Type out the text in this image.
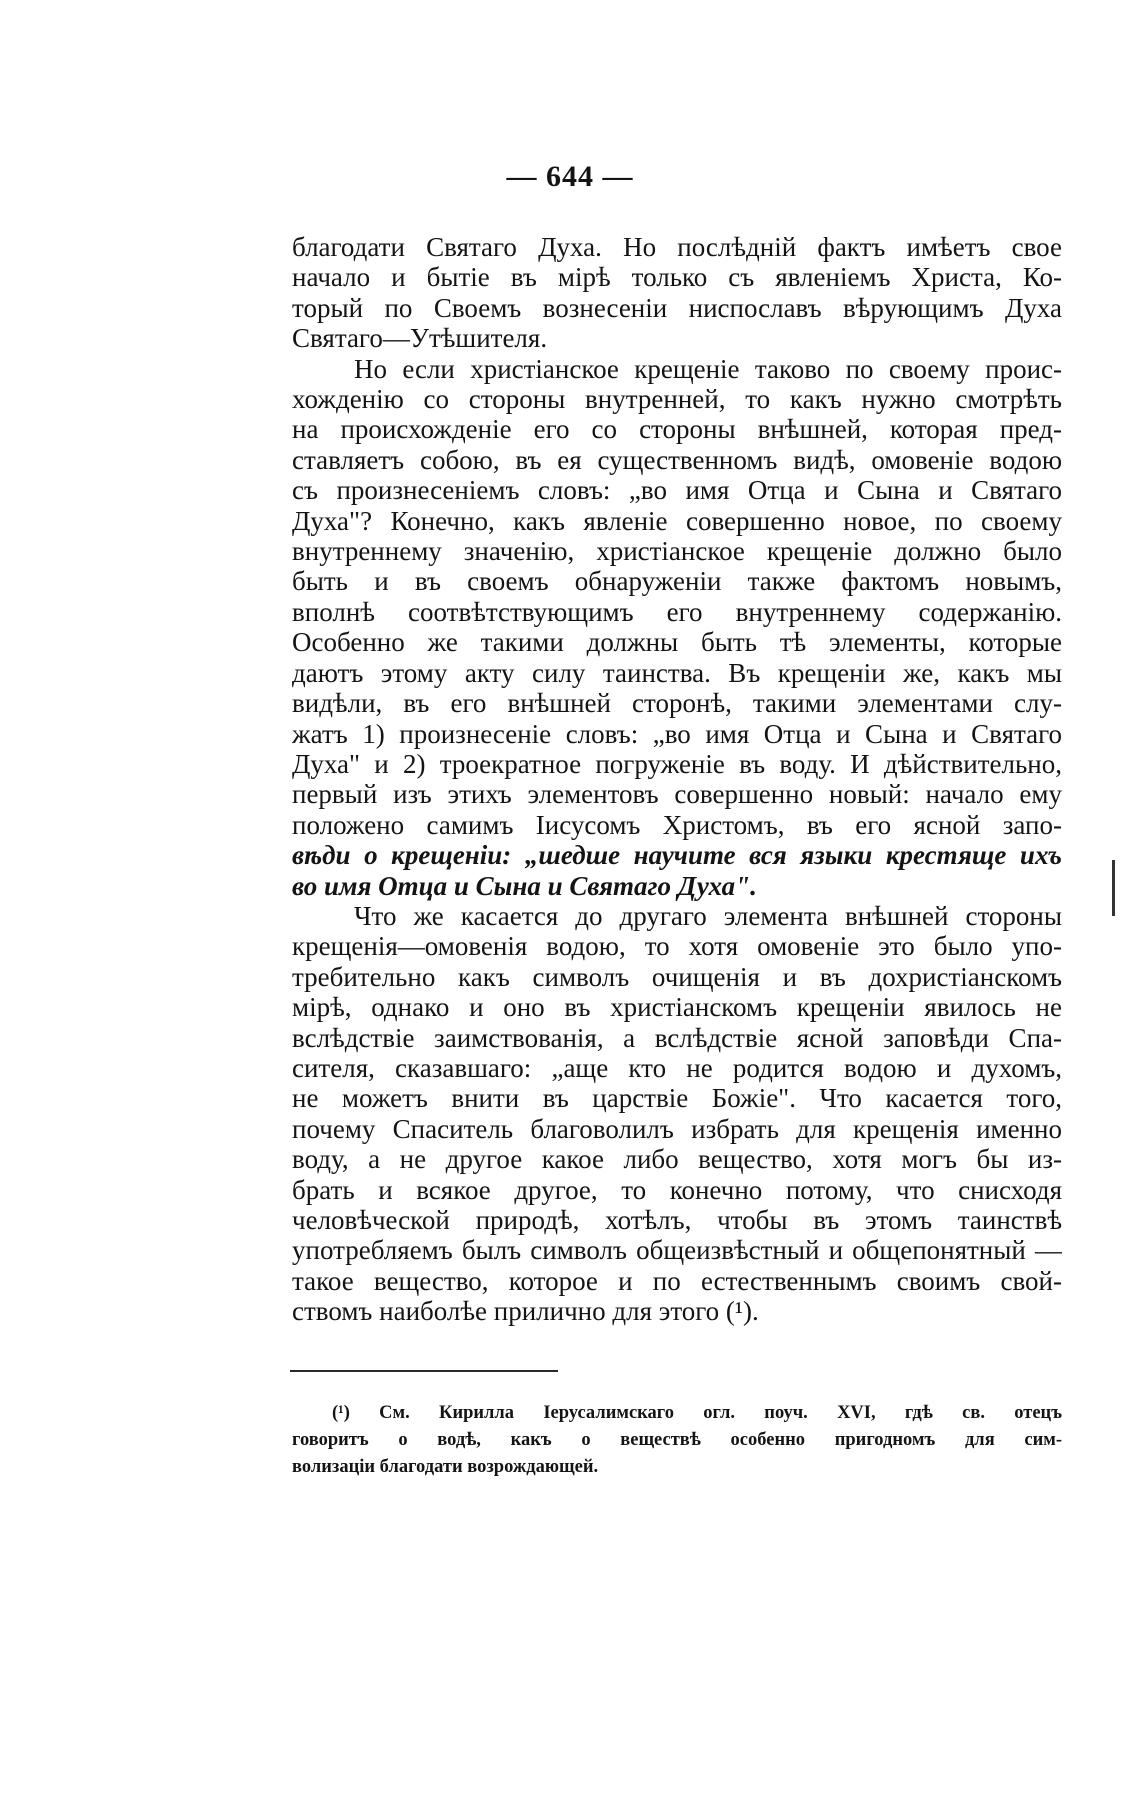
— 644 —
благодати Святаго Духа. Но послѣдній фактъ имѣетъ свое
начало и бытіе въ мірѣ только съ явленіемъ Христа, Ко-
торый по Своемъ вознесеніи ниспославъ вѣрующимъ Духа
Святаго—Утѣшителя.
Но если христіанское крещеніе таково по своему проис-
хожденію со стороны внутренней, то какъ нужно смотрѣть
на происхожденіе его со стороны внѣшней, которая пред-
ставляетъ собою, въ ея существенномъ видѣ, омовеніе водою
съ произнесеніемъ словъ: „во имя Отца и Сына и Святаго
Духа"? Конечно, какъ явленіе совершенно новое, по своему
внутреннему значенію, христіанское крещеніе должно было
быть и въ своемъ обнаруженіи также фактомъ новымъ,
вполнѣ соотвѣтствующимъ его внутреннему содержанію.
Особенно же такими должны быть тѣ элементы, которые
даютъ этому акту силу таинства. Въ крещеніи же, какъ мы
видѣли, въ его внѣшней сторонѣ, такими элементами слу-
жатъ 1) произнесеніе словъ: „во имя Отца и Сына и Святаго
Духа" и 2) троекратное погруженіе въ воду. И дѣйствительно,
первый изъ этихъ элементовъ совершенно новый: начало ему
положено самимъ Іисусомъ Христомъ, въ его ясной запо-
вѣди о крещеніи: „шедше научите вся языки крестяще ихъ
во имя Отца и Сына и Святаго Духа".
Что же касается до другаго элемента внѣшней стороны
крещенія—омовенія водою, то хотя омовеніе это было упо-
требительно какъ символъ очищенія и въ дохристіанскомъ
мірѣ, однако и оно въ христіанскомъ крещеніи явилось не
вслѣдствіе заимствованія, а вслѣдствіе ясной заповѣди Спа-
сителя, сказавшаго: „аще кто не родится водою и духомъ,
не можетъ внити въ царствіе Божіе". Что касается того,
почему Спаситель благоволилъ избрать для крещенія именно
воду, а не другое какое либо вещество, хотя могъ бы из-
брать и всякое другое, то конечно потому, что снисходя
человѣческой природѣ, хотѣлъ, чтобы въ этомъ таинствѣ
употребляемъ былъ символъ общеизвѣстный и общепонятный —
такое вещество, которое и по естественнымъ своимъ свой-
ствомъ наиболѣе прилично для этого (¹).
(¹) См. Кирилла Іерусалимскаго огл. поуч. XVI, гдѣ св. отецъ
говоритъ о водѣ, какъ о веществѣ особенно пригодномъ для сим-
волизаціи благодати возрождающей.
